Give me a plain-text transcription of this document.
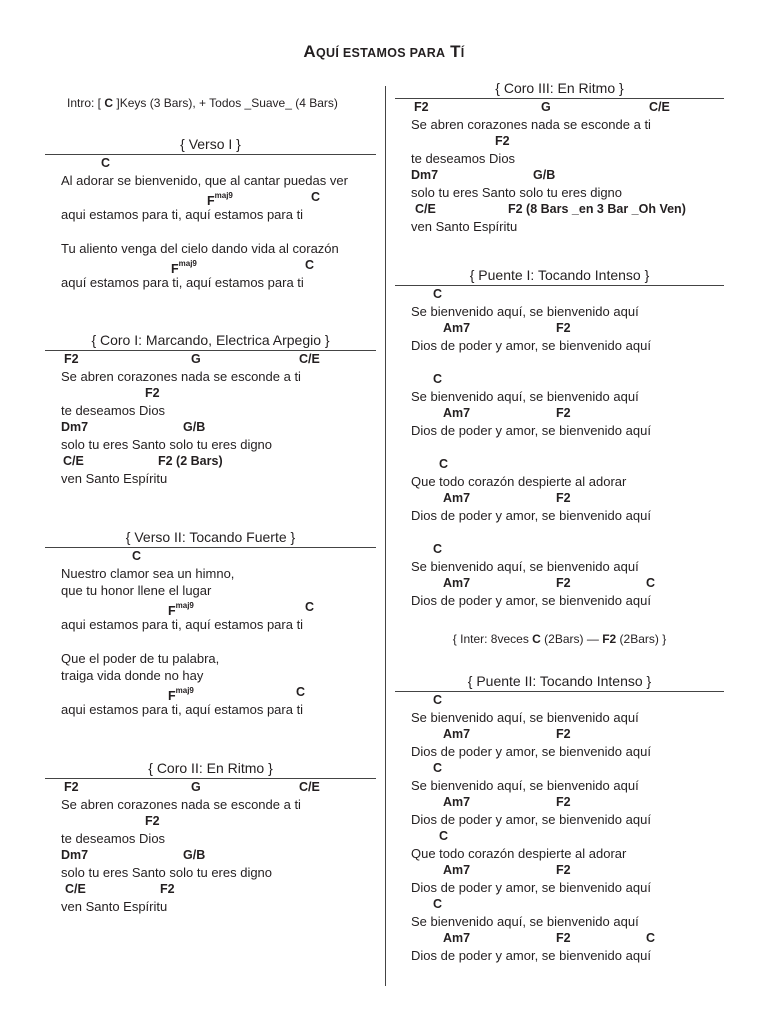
AQUÍ ESTAMOS PARA TÍ
Intro: [ C ]Keys (3 Bars), + Todos _Suave_ (4 Bars)
{ Verso I }
C
Al adorar se bienvenido, que al cantar puedas ver
$F^{maj9}$	C
aqui estamos para ti, aquí estamos para ti
Tu aliento venga del cielo dando vida al corazón
$F^{maj9}$	C
aquí estamos para ti, aquí estamos para ti
{ Coro I: Marcando, Electrica Arpegio }
F2	G	C/E
Se abren corazones nada se esconde a ti
F2
te deseamos Dios
Dm7	G/B
solo tu eres Santo solo tu eres digno
C/E	F2 (2 Bars)
ven Santo Espíritu
{ Verso II: Tocando Fuerte }
C
Nuestro clamor sea un himno,
que tu honor llene el lugar
$F^{maj9}$	C
aqui estamos para ti, aquí estamos para ti
Que el poder de tu palabra,
traiga vida donde no hay
$F^{maj9}$	C
aqui estamos para ti, aquí estamos para ti
{ Coro II: En Ritmo }
F2	G	C/E
Se abren corazones nada se esconde a ti
F2
te deseamos Dios
Dm7	G/B
solo tu eres Santo solo tu eres digno
C/E	F2
ven Santo Espíritu
{ Coro III: En Ritmo }
F2	G	C/E
Se abren corazones nada se esconde a ti
F2
te deseamos Dios
Dm7	G/B
solo tu eres Santo solo tu eres digno
C/E	F2 (8 Bars _en 3 Bar _Oh Ven)
ven Santo Espíritu
{ Puente I: Tocando Intenso }
C
Se bienvenido aquí, se bienvenido aquí
Am7	F2
Dios de poder y amor, se bienvenido aquí
C
Se bienvenido aquí, se bienvenido aquí
Am7	F2
Dios de poder y amor, se bienvenido aquí
C
Que todo corazón despierte al adorar
Am7	F2
Dios de poder y amor, se bienvenido aquí
C
Se bienvenido aquí, se bienvenido aquí
Am7	F2	C
Dios de poder y amor, se bienvenido aquí
{ Inter: 8veces C (2Bars) — F2 (2Bars) }
{ Puente II: Tocando Intenso }
C
Se bienvenido aquí, se bienvenido aquí
Am7	F2
Dios de poder y amor, se bienvenido aquí
C
Se bienvenido aquí, se bienvenido aquí
Am7	F2
Dios de poder y amor, se bienvenido aquí
C
Que todo corazón despierte al adorar
Am7	F2
Dios de poder y amor, se bienvenido aquí
C
Se bienvenido aquí, se bienvenido aquí
Am7	F2	C
Dios de poder y amor, se bienvenido aquí
